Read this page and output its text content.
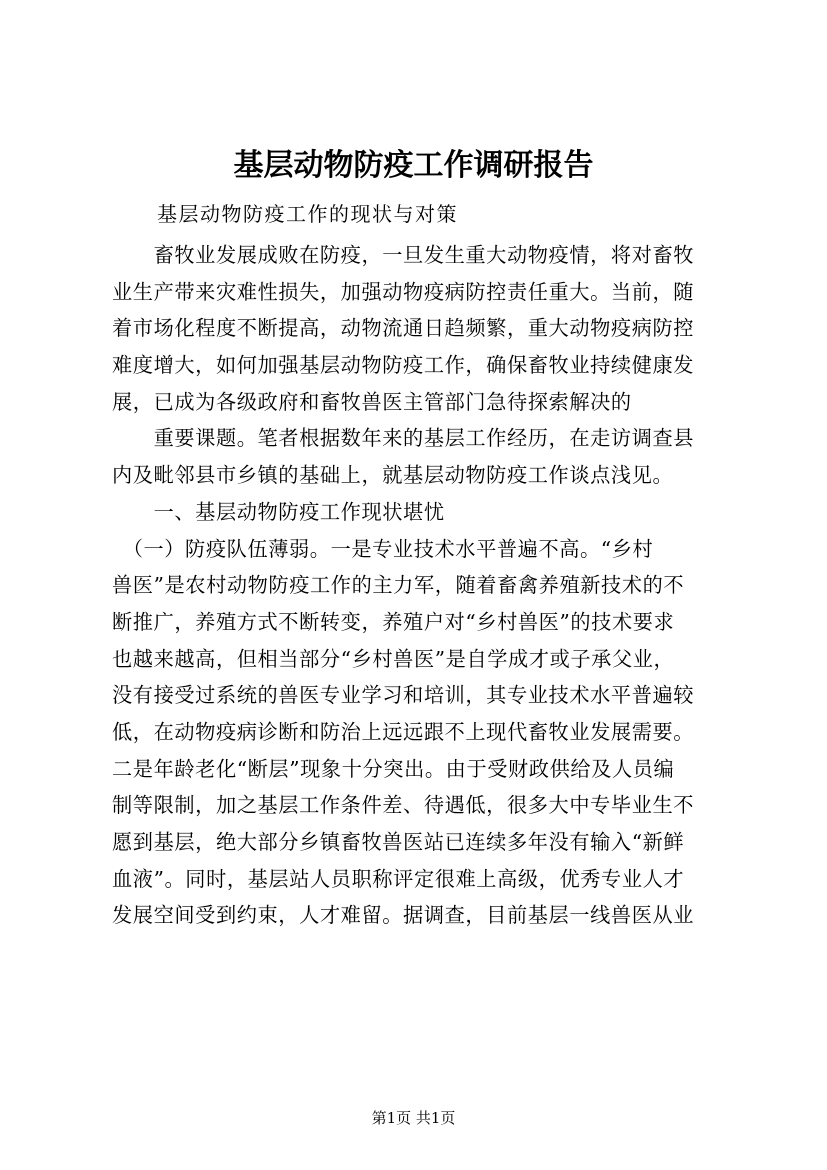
基层动物防疫工作调研报告
基层动物防疫工作的现状与对策
　　畜牧业发展成败在防疫，一旦发生重大动物疫情，将对畜牧
业生产带来灾难性损失，加强动物疫病防控责任重大。当前，随
着市场化程度不断提高，动物流通日趋频繁，重大动物疫病防控
难度增大，如何加强基层动物防疫工作，确保畜牧业持续健康发
展，已成为各级政府和畜牧兽医主管部门急待探索解决的
　　重要课题。笔者根据数年来的基层工作经历，在走访调查县
内及毗邻县市乡镇的基础上，就基层动物防疫工作谈点浅见。
　　一、基层动物防疫工作现状堪忧
　（一）防疫队伍薄弱。一是专业技术水平普遍不高。“乡村
兽医”是农村动物防疫工作的主力军，随着畜禽养殖新技术的不
断推广，养殖方式不断转变，养殖户对“乡村兽医”的技术要求
也越来越高，但相当部分“乡村兽医”是自学成才或子承父业，
没有接受过系统的兽医专业学习和培训，其专业技术水平普遍较
低，在动物疫病诊断和防治上远远跟不上现代畜牧业发展需要。
二是年龄老化“断层”现象十分突出。由于受财政供给及人员编
制等限制，加之基层工作条件差、待遇低，很多大中专毕业生不
愿到基层，绝大部分乡镇畜牧兽医站已连续多年没有输入“新鲜
血液”。同时，基层站人员职称评定很难上高级，优秀专业人才
发展空间受到约束，人才难留。据调查，目前基层一线兽医从业
第1页 共1页
